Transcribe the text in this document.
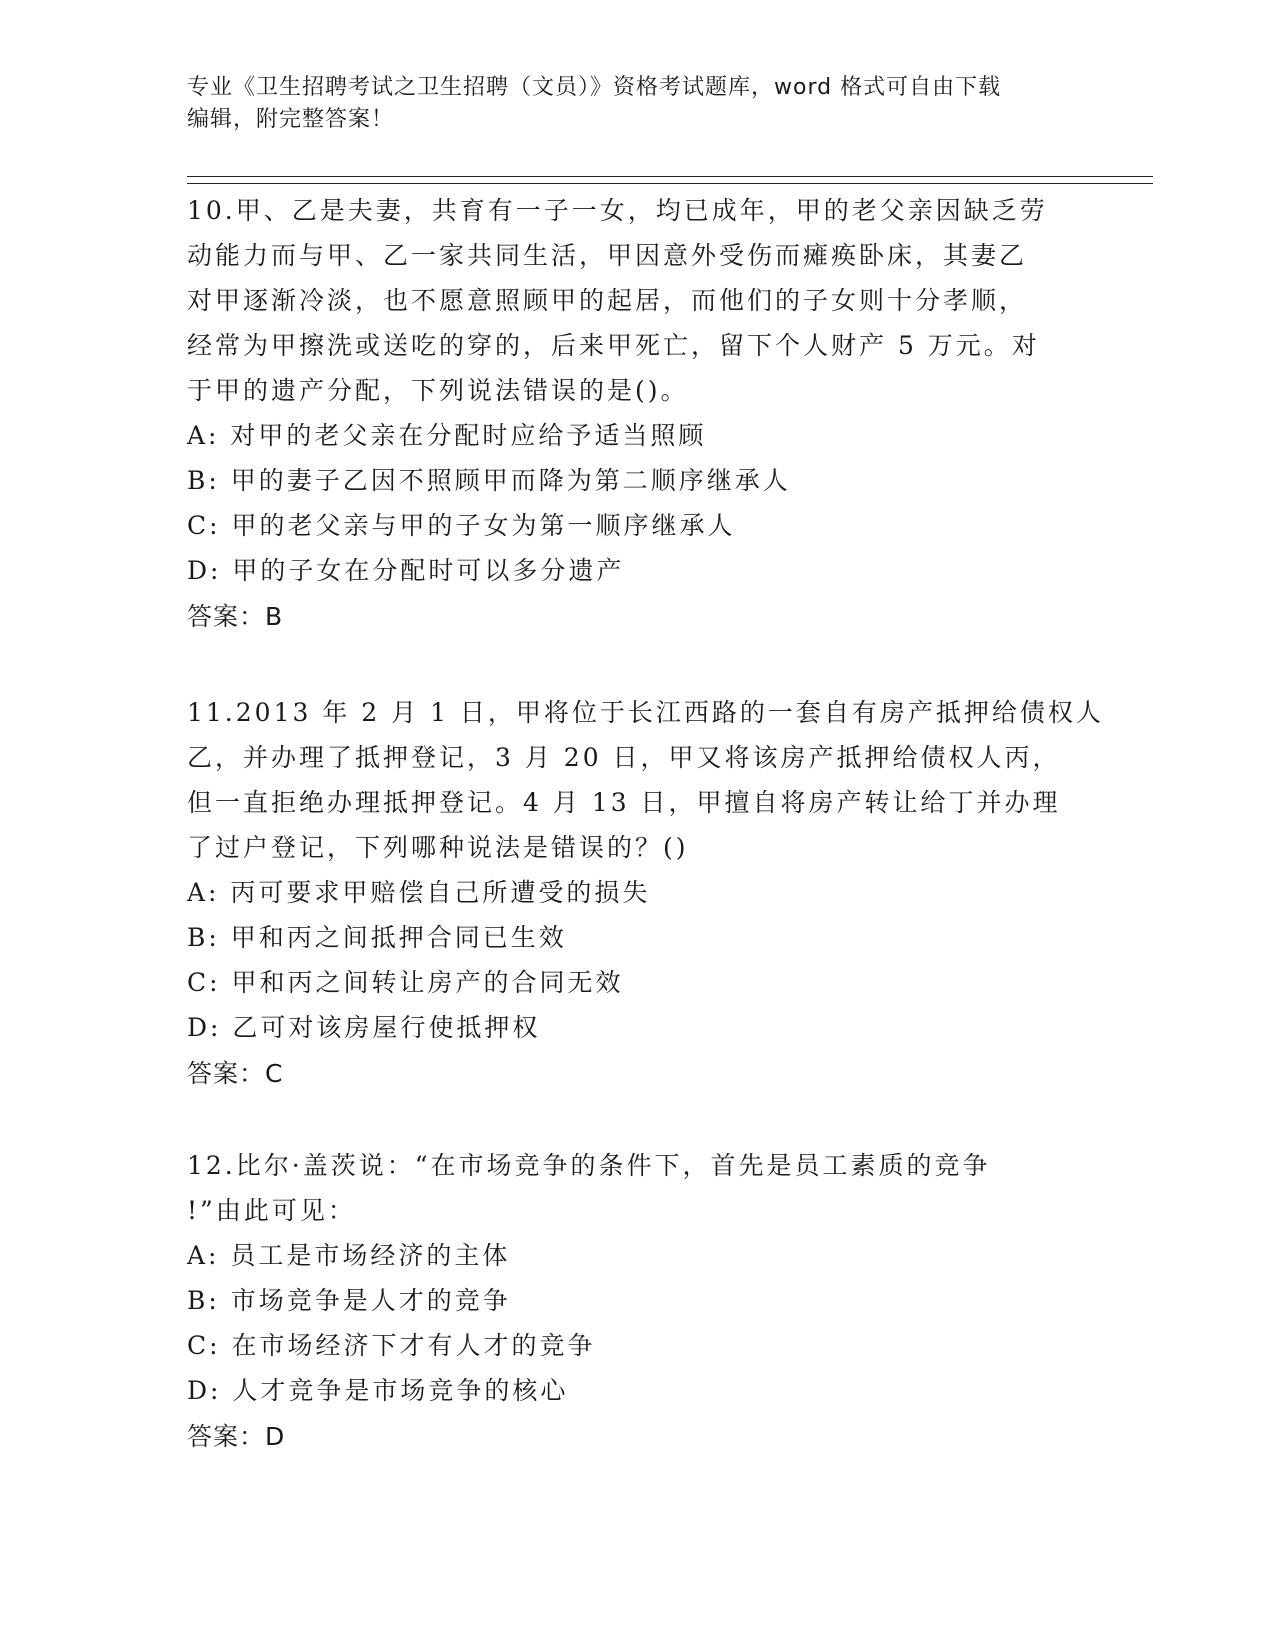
专业《卫生招聘考试之卫生招聘（文员）》资格考试题库，word 格式可自由下载
编辑，附完整答案！
10.甲、乙是夫妻，共育有一子一女，均已成年，甲的老父亲因缺乏劳
动能力而与甲、乙一家共同生活，甲因意外受伤而瘫痪卧床，其妻乙
对甲逐渐冷淡，也不愿意照顾甲的起居，而他们的子女则十分孝顺，
经常为甲擦洗或送吃的穿的，后来甲死亡，留下个人财产 5 万元。对
于甲的遗产分配，下列说法错误的是()。
A: 对甲的老父亲在分配时应给予适当照顾
B: 甲的妻子乙因不照顾甲而降为第二顺序继承人
C: 甲的老父亲与甲的子女为第一顺序继承人
D: 甲的子女在分配时可以多分遗产
答案：B
11.2013 年 2 月 1 日，甲将位于长江西路的一套自有房产抵押给债权人
乙，并办理了抵押登记，3 月 20 日，甲又将该房产抵押给债权人丙，
但一直拒绝办理抵押登记。4 月 13 日，甲擅自将房产转让给丁并办理
了过户登记，下列哪种说法是错误的？()
A: 丙可要求甲赔偿自己所遭受的损失
B: 甲和丙之间抵押合同已生效
C: 甲和丙之间转让房产的合同无效
D: 乙可对该房屋行使抵押权
答案：C
12.比尔·盖茨说：“在市场竞争的条件下，首先是员工素质的竞争
!”由此可见：
A: 员工是市场经济的主体
B: 市场竞争是人才的竞争
C: 在市场经济下才有人才的竞争
D: 人才竞争是市场竞争的核心
答案：D
